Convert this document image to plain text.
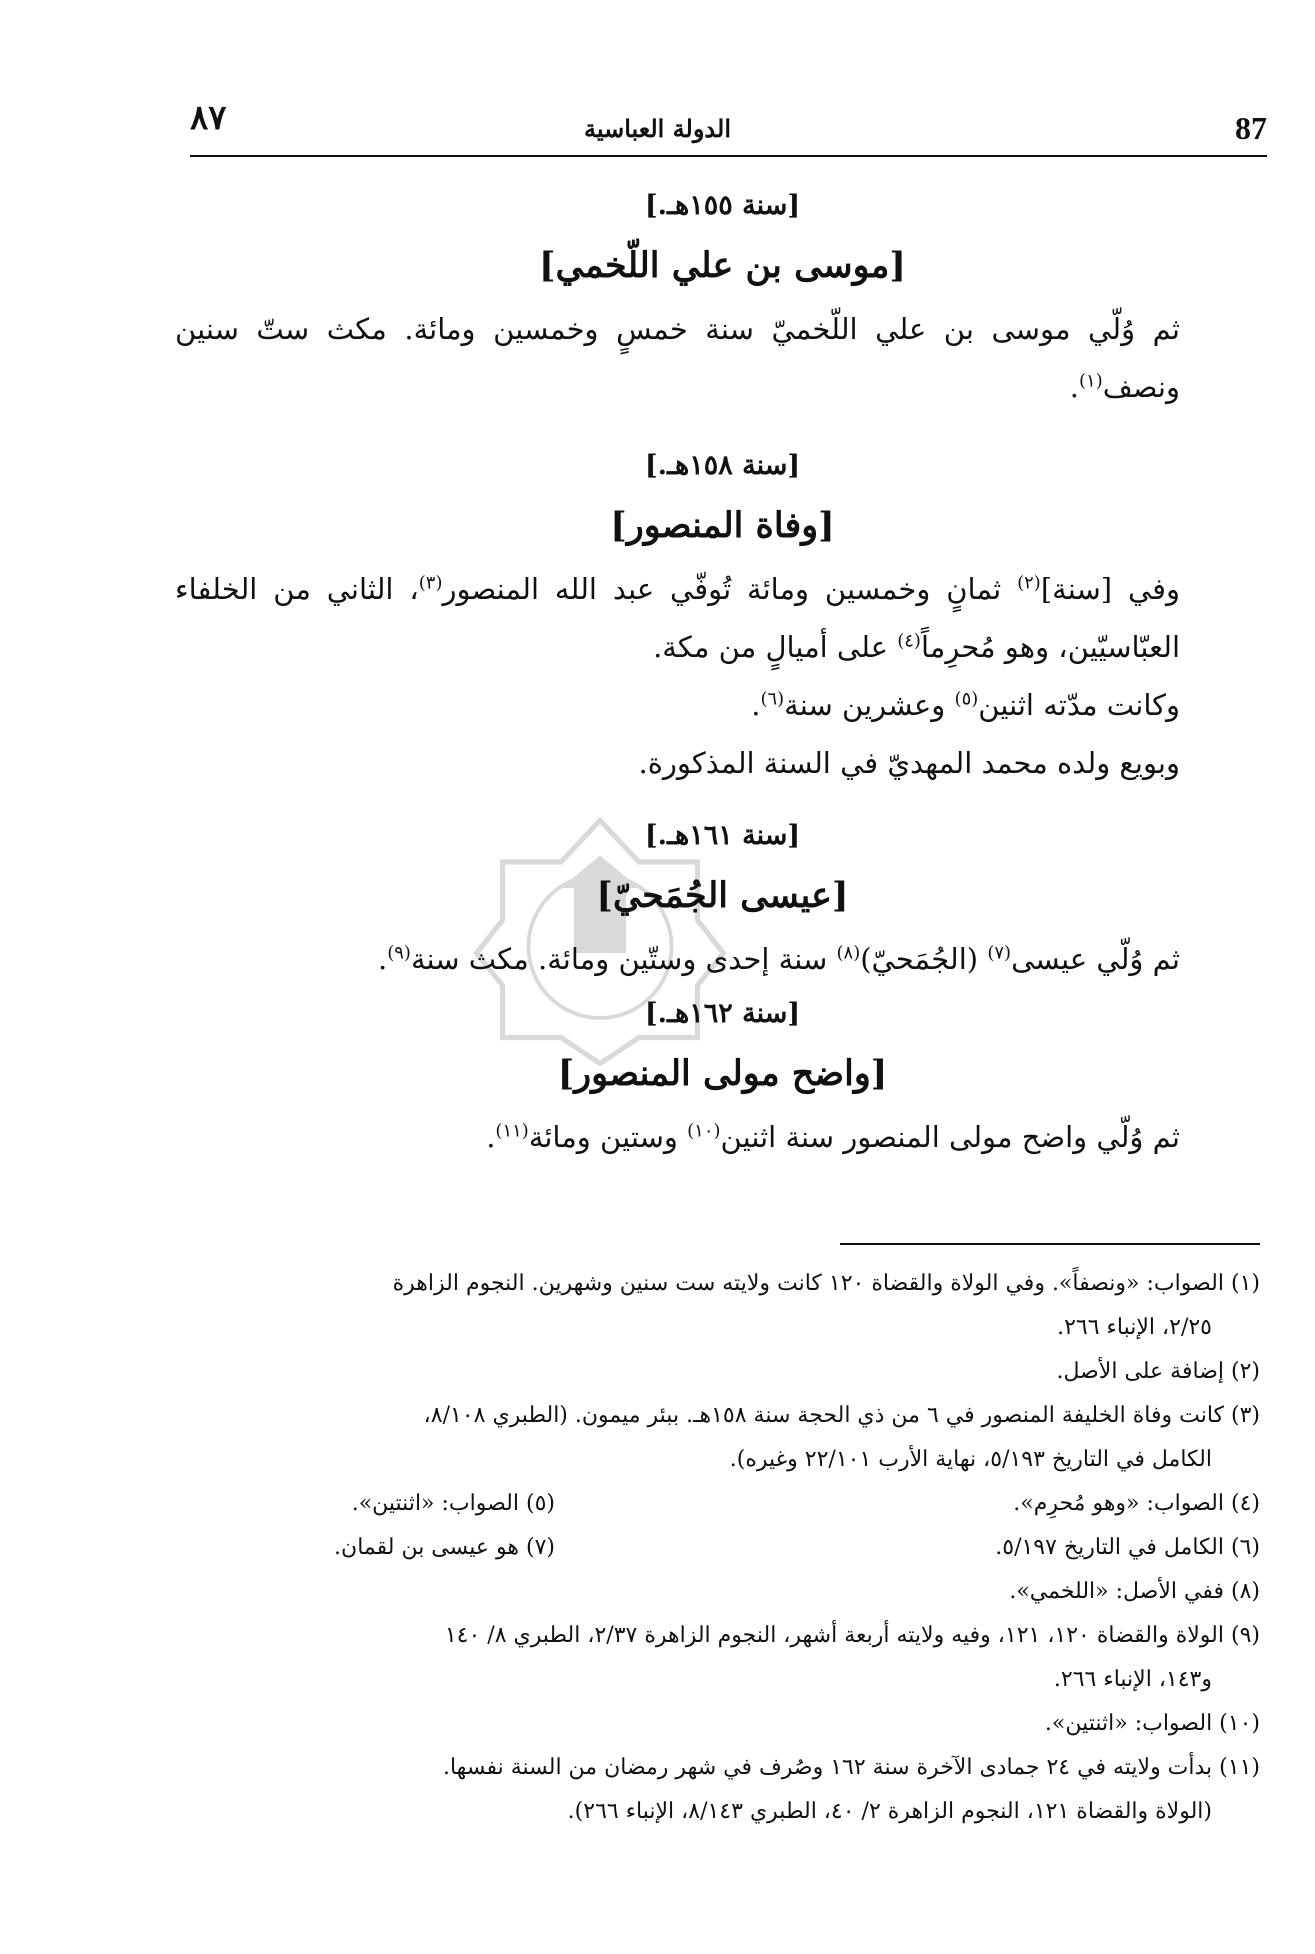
٨٧	الدولة العباسية	87

[سنة ١٥٥هـ.]

[موسى بن علي اللّخمي]

ثم وُلّي موسى بن علي اللّخميّ سنة خمسٍ وخمسين ومائة. مكث ستّ سنين ونصف$^{(١)}$.

[سنة ١٥٨هـ.]

[وفاة المنصور]

وفي [سنة]$^{(٢)}$ ثمانٍ وخمسين ومائة تُوفّي عبد الله المنصور$^{(٣)}$، الثاني من الخلفاء العبّاسيّين، وهو مُحرِماً$^{(٤)}$ على أميالٍ من مكة.

وكانت مدّته اثنين$^{(٥)}$ وعشرين سنة$^{(٦)}$.

وبويع ولده محمد المهديّ في السنة المذكورة.

[سنة ١٦١هـ.]

[عيسى الجُمَحيّ]

ثم وُلّي عيسى$^{(٧)}$ (الجُمَحيّ)$^{(٨)}$ سنة إحدى وستّين ومائة. مكث سنة$^{(٩)}$.

[سنة ١٦٢هـ.]

[واضح مولى المنصور]

ثم وُلّي واضح مولى المنصور سنة اثنين$^{(١٠)}$ وستين ومائة$^{(١١)}$.

(١) الصواب: «ونصفاً». وفي الولاة والقضاة ١٢٠ كانت ولايته ست سنين وشهرين. النجوم الزاهرة

٢/٢٥، الإنباء ٢٦٦.

(٢) إضافة على الأصل.

(٣) كانت وفاة الخليفة المنصور في ٦ من ذي الحجة سنة ١٥٨هـ. ببئر ميمون. (الطبري ٨/١٠٨،

الكامل في التاريخ ٥/١٩٣، نهاية الأرب ٢٢/١٠١ وغيره).

(٤) الصواب: «وهو مُحرِم».
(٥) الصواب: «اثنتين».
(٦) الكامل في التاريخ ٥/١٩٧.
(٧) هو عيسى بن لقمان.

(٨) ففي الأصل: «اللخمي».

(٩) الولاة والقضاة ١٢٠، ١٢١، وفيه ولايته أربعة أشهر، النجوم الزاهرة ٢/٣٧، الطبري ٨/ ١٤٠

و١٤٣، الإنباء ٢٦٦.

(١٠) الصواب: «اثنتين».

(١١) بدأت ولايته في ٢٤ جمادى الآخرة سنة ١٦٢ وصُرف في شهر رمضان من السنة نفسها.

(الولاة والقضاة ١٢١، النجوم الزاهرة ٢/ ٤٠، الطبري ٨/١٤٣، الإنباء ٢٦٦).
